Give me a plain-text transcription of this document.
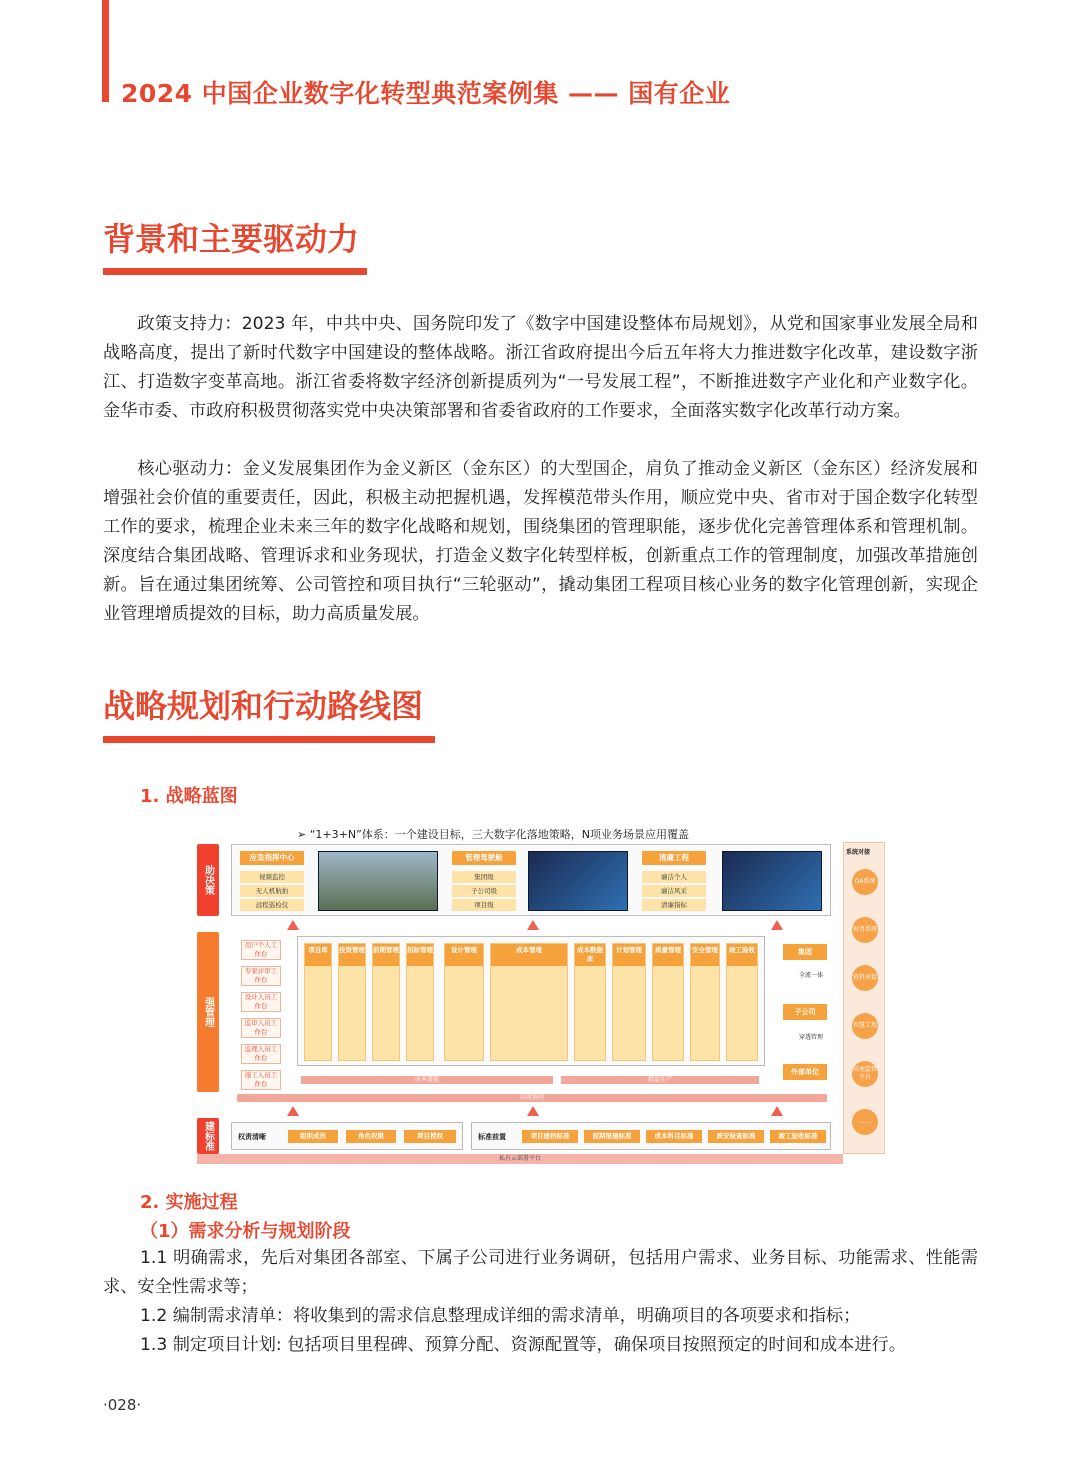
2024 中国企业数字化转型典范案例集 —— 国有企业
背景和主要驱动力
政策支持力：2023 年，中共中央、国务院印发了《数字中国建设整体布局规划》，从党和国家事业发展全局和战略高度，提出了新时代数字中国建设的整体战略。浙江省政府提出今后五年将大力推进数字化改革，建设数字浙江、打造数字变革高地。浙江省委将数字经济创新提质列为“一号发展工程”，不断推进数字产业化和产业数字化。金华市委、市政府积极贯彻落实党中央决策部署和省委省政府的工作要求，全面落实数字化改革行动方案。
核心驱动力：金义发展集团作为金义新区（金东区）的大型国企，肩负了推动金义新区（金东区）经济发展和增强社会价值的重要责任，因此，积极主动把握机遇，发挥模范带头作用，顺应党中央、省市对于国企数字化转型工作的要求，梳理企业未来三年的数字化战略和规划，围绕集团的管理职能，逐步优化完善管理体系和管理机制。深度结合集团战略、管理诉求和业务现状，打造金义数字化转型样板，创新重点工作的管理制度，加强改革措施创新。旨在通过集团统筹、公司管控和项目执行“三轮驱动”，撬动集团工程项目核心业务的数字化管理创新，实现企业管理增质提效的目标，助力高质量发展。
战略规划和行动路线图
1. 战略蓝图
➢ “1+3+N”体系：一个建设目标，三大数字化落地策略，N项业务场景应用覆盖
助决策
应急指挥中心
视频监控
无人机航拍
远程巡检仪
管理驾驶舱
集团级
子公司级
项目级
清廉工程
廉洁个人
廉洁风采
清廉指标
强管理
用户个人工作台
专家评审工作台
设计人员工作台
监审人员工作台
监理人员工作台
施工人员工作台
项目库	投资管理 前期管理 招标管理	设计管理	成本管理	成本数据库
计划管理	质量管理	安全管理	竣工验收
成本透视	精益生产
高效协同
集团
全流一体
子公司
穿透管理
外部单位
系统对接
OA系统
财务系统
资料对接
智慧工地
高速监管平台
……
建标准	权责清晰	组织成员	角色权限	项目授权	标准前置	项目建档标准	前期报建标准	成本科目标准	质安检查标准	竣工验收标准
私有云部署平台
2. 实施过程
（1）需求分析与规划阶段
1.1 明确需求，先后对集团各部室、下属子公司进行业务调研，包括用户需求、业务目标、功能需求、性能需求、安全性需求等；
1.2 编制需求清单：将收集到的需求信息整理成详细的需求清单，明确项目的各项要求和指标；
1.3 制定项目计划: 包括项目里程碑、预算分配、资源配置等，确保项目按照预定的时间和成本进行。
·028·
